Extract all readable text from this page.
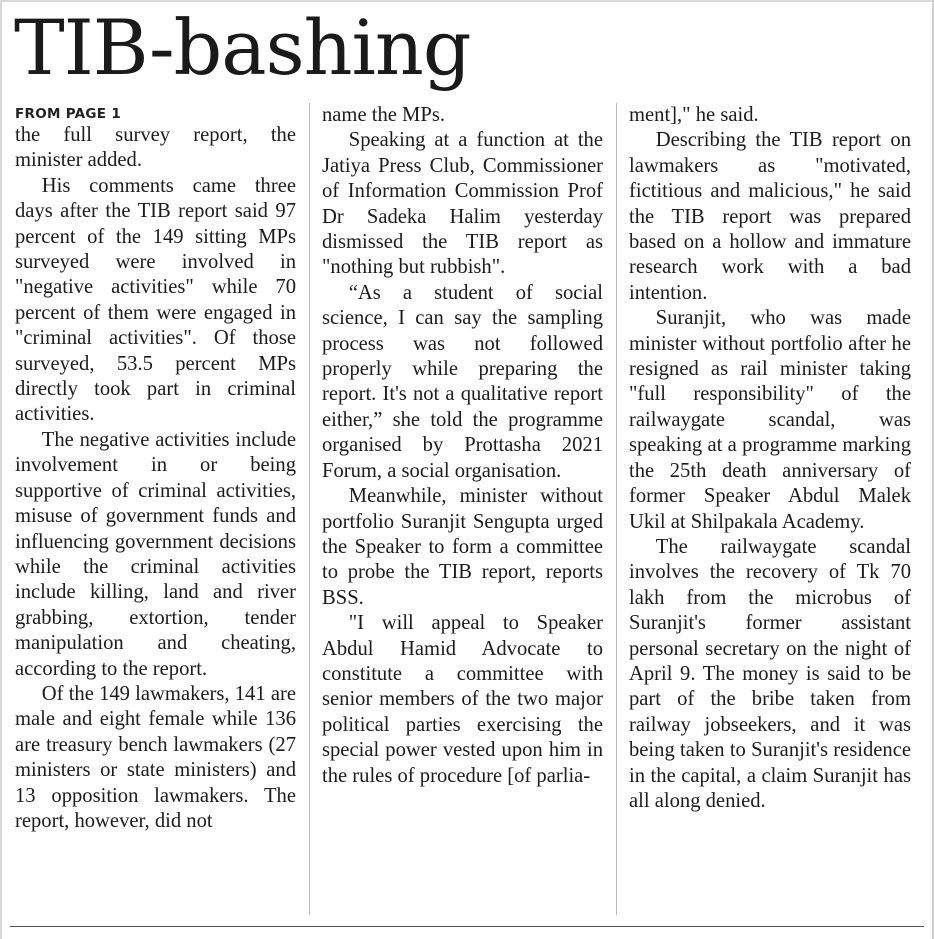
TIB-bashing
FROM PAGE 1

the full survey report, the minister added.

His comments came three days after the TIB report said 97 percent of the 149 sitting MPs surveyed were involved in "negative activities" while 70 percent of them were engaged in "criminal activities". Of those surveyed, 53.5 percent MPs directly took part in criminal activities.

The negative activities include involvement in or being supportive of criminal activities, misuse of government funds and influencing government decisions while the criminal activities include killing, land and river grabbing, extortion, tender manipulation and cheating, according to the report.

Of the 149 lawmakers, 141 are male and eight female while 136 are treasury bench lawmakers (27 ministers or state ministers) and 13 opposition lawmakers. The report, however, did not

name the MPs.

Speaking at a function at the Jatiya Press Club, Commissioner of Information Commission Prof Dr Sadeka Halim yesterday dismissed the TIB report as "nothing but rubbish".

“As a student of social science, I can say the sampling process was not followed properly while preparing the report. It's not a qualitative report either,” she told the programme organised by Prottasha 2021 Forum, a social organisation.

Meanwhile, minister without portfolio Suranjit Sengupta urged the Speaker to form a committee to probe the TIB report, reports BSS.

"I will appeal to Speaker Abdul Hamid Advocate to constitute a committee with senior members of the two major political parties exercising the special power vested upon him in the rules of procedure [of parlia-

ment]," he said.

Describing the TIB report on lawmakers as "motivated, fictitious and malicious," he said the TIB report was prepared based on a hollow and immature research work with a bad intention.

Suranjit, who was made minister without portfolio after he resigned as rail minister taking "full responsibility" of the railwaygate scandal, was speaking at a programme marking the 25th death anniversary of former Speaker Abdul Malek Ukil at Shilpakala Academy.

The railwaygate scandal involves the recovery of Tk 70 lakh from the microbus of Suranjit's former assistant personal secretary on the night of April 9. The money is said to be part of the bribe taken from railway jobseekers, and it was being taken to Suranjit's residence in the capital, a claim Suranjit has all along denied.
